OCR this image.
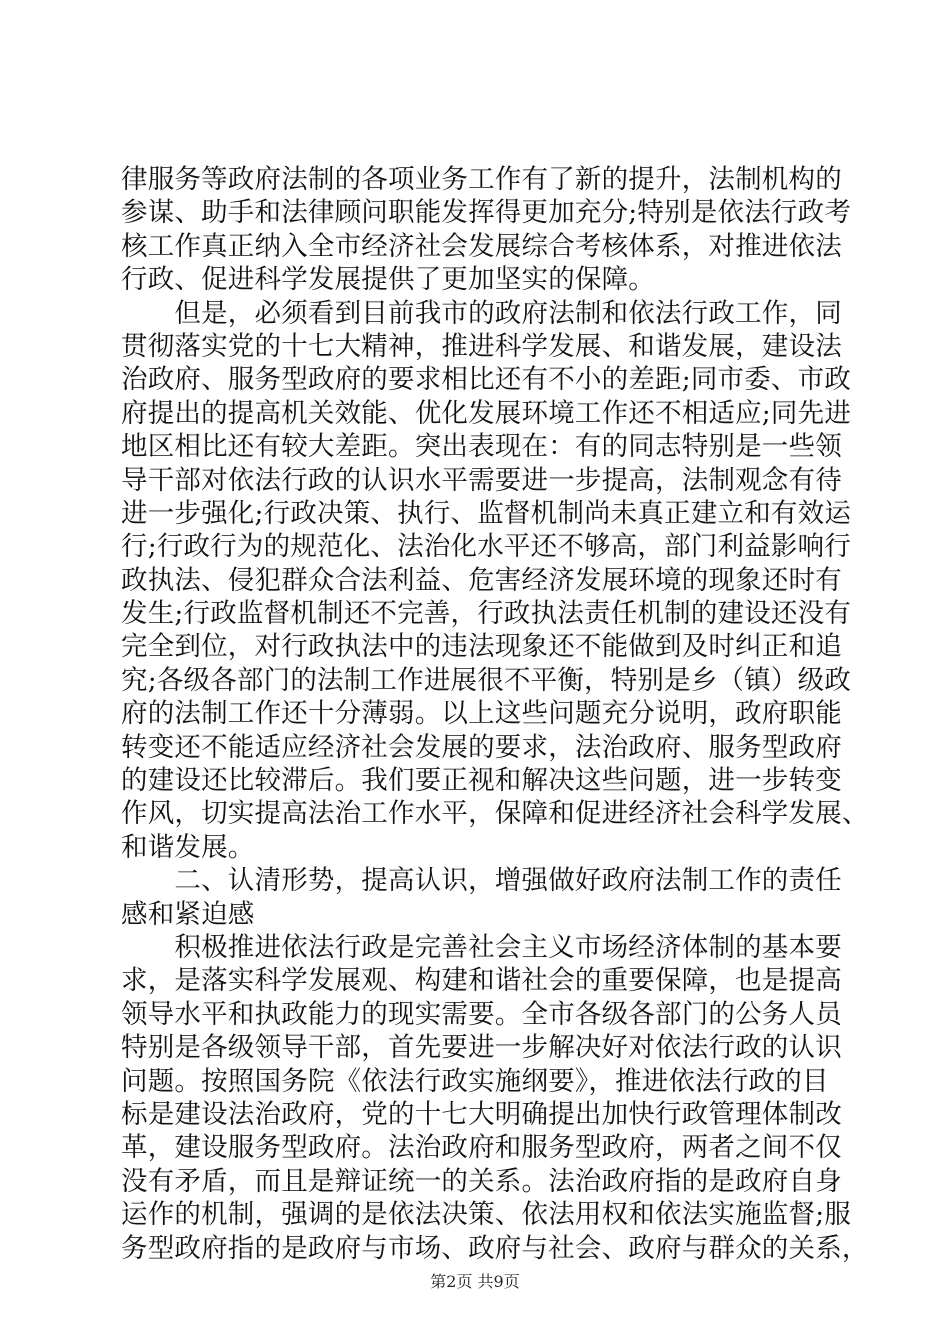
律服务等政府法制的各项业务工作有了新的提升，法制机构的
参谋、助手和法律顾问职能发挥得更加充分;特别是依法行政考
核工作真正纳入全市经济社会发展综合考核体系，对推进依法
行政、促进科学发展提供了更加坚实的保障。
　　但是，必须看到目前我市的政府法制和依法行政工作，同
贯彻落实党的十七大精神，推进科学发展、和谐发展，建设法
治政府、服务型政府的要求相比还有不小的差距;同市委、市政
府提出的提高机关效能、优化发展环境工作还不相适应;同先进
地区相比还有较大差距。突出表现在：有的同志特别是一些领
导干部对依法行政的认识水平需要进一步提高，法制观念有待
进一步强化;行政决策、执行、监督机制尚未真正建立和有效运
行;行政行为的规范化、法治化水平还不够高，部门利益影响行
政执法、侵犯群众合法利益、危害经济发展环境的现象还时有
发生;行政监督机制还不完善，行政执法责任机制的建设还没有
完全到位，对行政执法中的违法现象还不能做到及时纠正和追
究;各级各部门的法制工作进展很不平衡，特别是乡（镇）级政
府的法制工作还十分薄弱。以上这些问题充分说明，政府职能
转变还不能适应经济社会发展的要求，法治政府、服务型政府
的建设还比较滞后。我们要正视和解决这些问题，进一步转变
作风，切实提高法治工作水平，保障和促进经济社会科学发展、
和谐发展。
　　二、认清形势，提高认识，增强做好政府法制工作的责任
感和紧迫感
　　积极推进依法行政是完善社会主义市场经济体制的基本要
求，是落实科学发展观、构建和谐社会的重要保障，也是提高
领导水平和执政能力的现实需要。全市各级各部门的公务人员
特别是各级领导干部，首先要进一步解决好对依法行政的认识
问题。按照国务院《依法行政实施纲要》，推进依法行政的目
标是建设法治政府，党的十七大明确提出加快行政管理体制改
革，建设服务型政府。法治政府和服务型政府，两者之间不仅
没有矛盾，而且是辩证统一的关系。法治政府指的是政府自身
运作的机制，强调的是依法决策、依法用权和依法实施监督;服
务型政府指的是政府与市场、政府与社会、政府与群众的关系，
第2页 共9页
